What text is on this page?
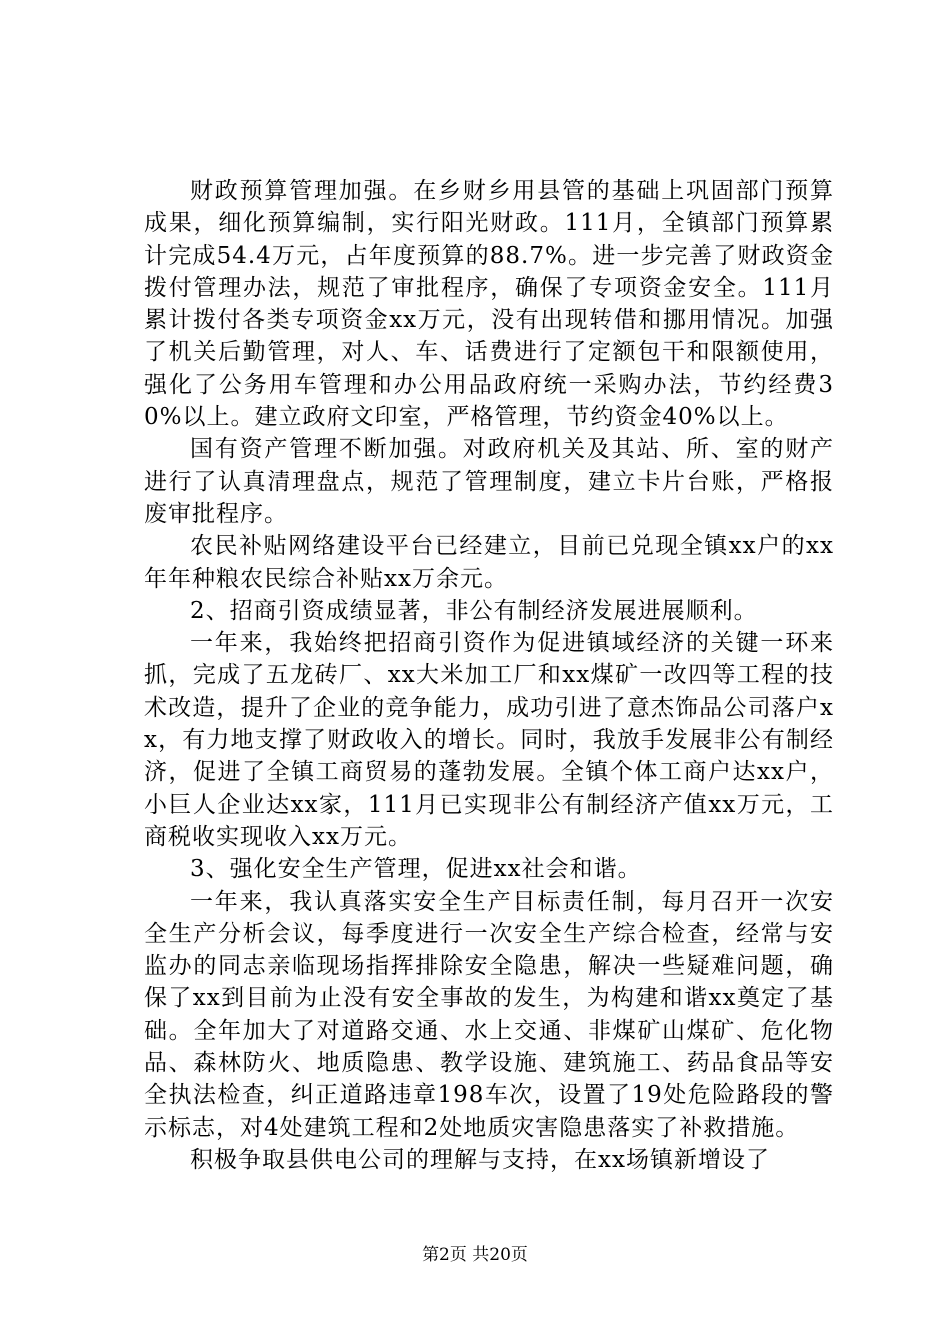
财政预算管理加强。在乡财乡用县管的基础上巩固部门预算成果，细化预算编制，实行阳光财政。111月，全镇部门预算累计完成54.4万元，占年度预算的88.7%。进一步完善了财政资金拨付管理办法，规范了审批程序，确保了专项资金安全。111月累计拨付各类专项资金xx万元，没有出现转借和挪用情况。加强了机关后勤管理，对人、车、话费进行了定额包干和限额使用，强化了公务用车管理和办公用品政府统一采购办法，节约经费30%以上。建立政府文印室，严格管理，节约资金40%以上。

国有资产管理不断加强。对政府机关及其站、所、室的财产进行了认真清理盘点，规范了管理制度，建立卡片台账，严格报废审批程序。

农民补贴网络建设平台已经建立，目前已兑现全镇xx户的xx年年种粮农民综合补贴xx万余元。

2、招商引资成绩显著，非公有制经济发展进展顺利。

一年来，我始终把招商引资作为促进镇域经济的关键一环来抓，完成了五龙砖厂、xx大米加工厂和xx煤矿一改四等工程的技术改造，提升了企业的竞争能力，成功引进了意杰饰品公司落户xx，有力地支撑了财政收入的增长。同时，我放手发展非公有制经济，促进了全镇工商贸易的蓬勃发展。全镇个体工商户达xx户，小巨人企业达xx家，111月已实现非公有制经济产值xx万元，工商税收实现收入xx万元。

3、强化安全生产管理，促进xx社会和谐。

一年来，我认真落实安全生产目标责任制，每月召开一次安全生产分析会议，每季度进行一次安全生产综合检查，经常与安监办的同志亲临现场指挥排除安全隐患，解决一些疑难问题，确保了xx到目前为止没有安全事故的发生，为构建和谐xx奠定了基础。全年加大了对道路交通、水上交通、非煤矿山煤矿、危化物品、森林防火、地质隐患、教学设施、建筑施工、药品食品等安全执法检查，纠正道路违章198车次，设置了19处危险路段的警示标志，对4处建筑工程和2处地质灾害隐患落实了补救措施。

积极争取县供电公司的理解与支持，在xx场镇新增设了

第2页 共20页
